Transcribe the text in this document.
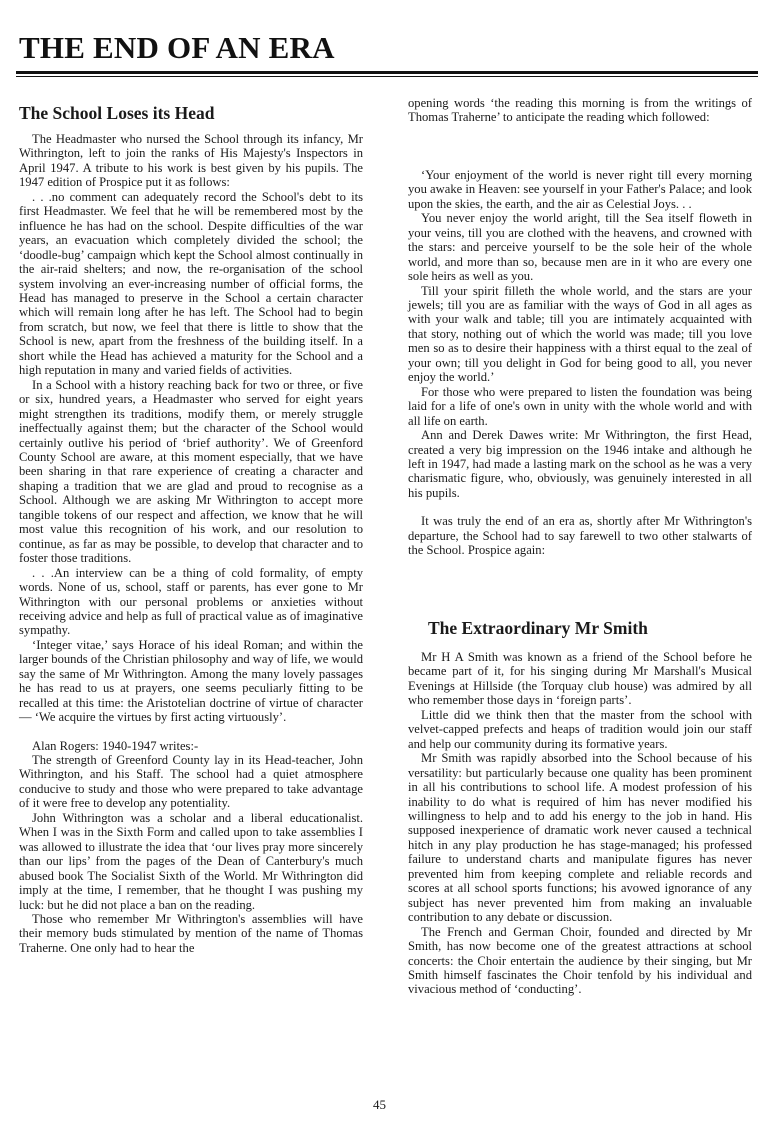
THE END OF AN ERA
The School Loses its Head

The Headmaster who nursed the School through its infancy, Mr Withrington, left to join the ranks of His Majesty's Inspectors in April 1947. A tribute to his work is best given by his pupils. The 1947 edition of Prospice put it as follows:

. . .no comment can adequately record the School's debt to its first Headmaster. We feel that he will be remembered most by the influence he has had on the school. Despite difficulties of the war years, an evacuation which completely divided the school; the ‘doodle-bug’ campaign which kept the School almost continually in the air-raid shelters; and now, the re-organisation of the school system involving an ever-increasing number of official forms, the Head has managed to preserve in the School a certain character which will remain long after he has left. The School had to begin from scratch, but now, we feel that there is little to show that the School is new, apart from the freshness of the building itself. In a short while the Head has achieved a maturity for the School and a high reputation in many and varied fields of activities.

In a School with a history reaching back for two or three, or five or six, hundred years, a Headmaster who served for eight years might strengthen its traditions, modify them, or merely struggle ineffectually against them; but the character of the School would certainly outlive his period of ‘brief authority’. We of Greenford County School are aware, at this moment especially, that we have been sharing in that rare experience of creating a character and shaping a tradition that we are glad and proud to recognise as a School. Although we are asking Mr Withrington to accept more tangible tokens of our respect and affection, we know that he will most value this recognition of his work, and our resolution to continue, as far as may be possible, to develop that character and to foster those traditions.

. . .An interview can be a thing of cold formality, of empty words. None of us, school, staff or parents, has ever gone to Mr Withrington with our personal problems or anxieties without receiving advice and help as full of practical value as of imaginative sympathy.

‘Integer vitae,’ says Horace of his ideal Roman; and within the larger bounds of the Christian philosophy and way of life, we would say the same of Mr Withrington. Among the many lovely passages he has read to us at prayers, one seems peculiarly fitting to be recalled at this time: the Aristotelian doctrine of virtue of character — ‘We acquire the virtues by first acting virtuously’.

Alan Rogers: 1940-1947 writes:-

The strength of Greenford County lay in its Head-teacher, John Withrington, and his Staff. The school had a quiet atmosphere conducive to study and those who were prepared to take advantage of it were free to develop any potentiality.

John Withrington was a scholar and a liberal educationalist. When I was in the Sixth Form and called upon to take assemblies I was allowed to illustrate the idea that ‘our lives pray more sincerely than our lips’ from the pages of the Dean of Canterbury's much abused book The Socialist Sixth of the World. Mr Withrington did imply at the time, I remember, that he thought I was pushing my luck: but he did not place a ban on the reading.

Those who remember Mr Withrington's assemblies will have their memory buds stimulated by mention of the name of Thomas Traherne. One only had to hear the

opening words ‘the reading this morning is from the writings of Thomas Traherne’ to anticipate the reading which followed:

‘Your enjoyment of the world is never right till every morning you awake in Heaven: see yourself in your Father's Palace; and look upon the skies, the earth, and the air as Celestial Joys. . .

You never enjoy the world aright, till the Sea itself floweth in your veins, till you are clothed with the heavens, and crowned with the stars: and perceive yourself to be the sole heir of the whole world, and more than so, because men are in it who are every one sole heirs as well as you.

Till your spirit filleth the whole world, and the stars are your jewels; till you are as familiar with the ways of God in all ages as with your walk and table; till you are intimately acquainted with that story, nothing out of which the world was made; till you love men so as to desire their happiness with a thirst equal to the zeal of your own; till you delight in God for being good to all, you never enjoy the world.’

For those who were prepared to listen the foundation was being laid for a life of one's own in unity with the whole world and with all life on earth.

Ann and Derek Dawes write: Mr Withrington, the first Head, created a very big impression on the 1946 intake and although he left in 1947, had made a lasting mark on the school as he was a very charismatic figure, who, obviously, was genuinely interested in all his pupils.

It was truly the end of an era as, shortly after Mr Withrington's departure, the School had to say farewell to two other stalwarts of the School. Prospice again:

The Extraordinary Mr Smith

Mr H A Smith was known as a friend of the School before he became part of it, for his singing during Mr Marshall's Musical Evenings at Hillside (the Torquay club house) was admired by all who remember those days in ‘foreign parts’.

Little did we think then that the master from the school with velvet-capped prefects and heaps of tradition would join our staff and help our community during its formative years.

Mr Smith was rapidly absorbed into the School because of his versatility: but particularly because one quality has been prominent in all his contributions to school life. A modest profession of his inability to do what is required of him has never modified his willingness to help and to add his energy to the job in hand. His supposed inexperience of dramatic work never caused a technical hitch in any play production he has stage-managed; his professed failure to understand charts and manipulate figures has never prevented him from keeping complete and reliable records and scores at all school sports functions; his avowed ignorance of any subject has never prevented him from making an invaluable contribution to any debate or discussion.

The French and German Choir, founded and directed by Mr Smith, has now become one of the greatest attractions at school concerts: the Choir entertain the audience by their singing, but Mr Smith himself fascinates the Choir tenfold by his individual and vivacious method of ‘conducting’.

45
